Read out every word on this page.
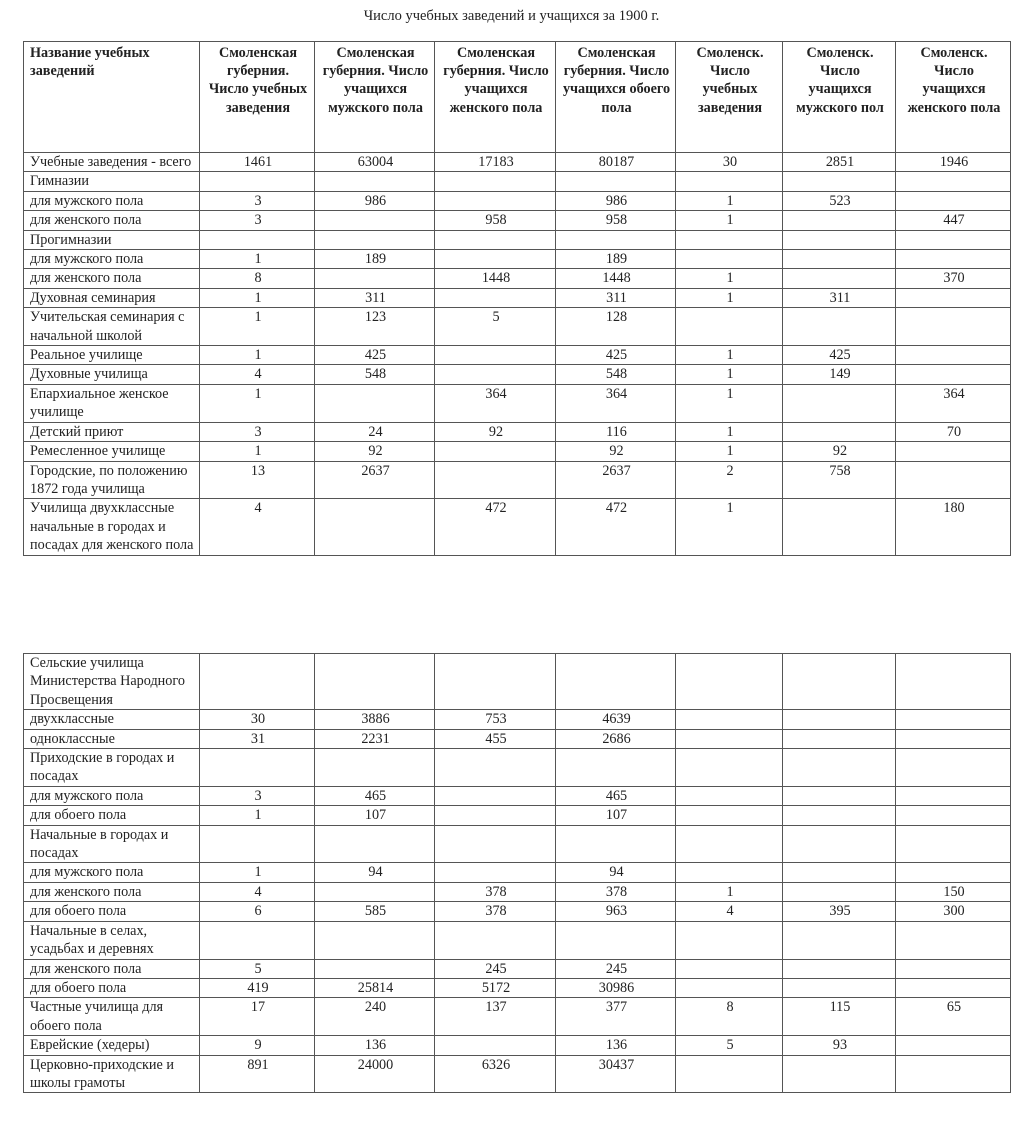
Число учебных заведений и учащихся за 1900 г.
Название учебных заведений	Смоленская губерния. Число учебных заведения	Смоленская губерния. Число учащихся мужского пола	Смоленская губерния. Число учащихся женского пола	Смоленская губерния. Число учащихся обоего пола	Смоленск. Число учебных заведения	Смоленск. Число учащихся мужского пол	Смоленск. Число учащихся женского пола
Учебные заведения - всего	1461	63004	17183	80187	30	2851	1946
Гимназии							
для мужского пола	3	986		986	1	523	
для женского пола	3		958	958	1		447
Прогимназии							
для мужского пола	1	189		189			
для женского пола	8		1448	1448	1		370
Духовная семинария	1	311		311	1	311	
Учительская семинария с начальной школой	1	123	5	128			
Реальное училище	1	425		425	1	425	
Духовные училища	4	548		548	1	149	
Епархиальное женское училище	1		364	364	1		364
Детский приют	3	24	92	116	1		70
Ремесленное училище	1	92		92	1	92	
Городские, по положению 1872 года училища	13	2637		2637	2	758	
Училища двухклассные начальные в городах и посадах для женского пола	4		472	472	1		180
Сельские училища Министерства Народного Просвещения							
двухклассные	30	3886	753	4639			
одноклассные	31	2231	455	2686			
Приходские в городах и посадах							
для мужского пола	3	465		465			
для обоего пола	1	107		107			
Начальные в городах и посадах							
для мужского пола	1	94		94			
для женского пола	4		378	378	1		150
для обоего пола	6	585	378	963	4	395	300
Начальные в селах, усадьбах и деревнях							
для женского пола	5		245	245			
для обоего пола	419	25814	5172	30986			
Частные училища для обоего пола	17	240	137	377	8	115	65
Еврейские (хедеры)	9	136		136	5	93	
Церковно-приходские и школы грамоты	891	24000	6326	30437			
